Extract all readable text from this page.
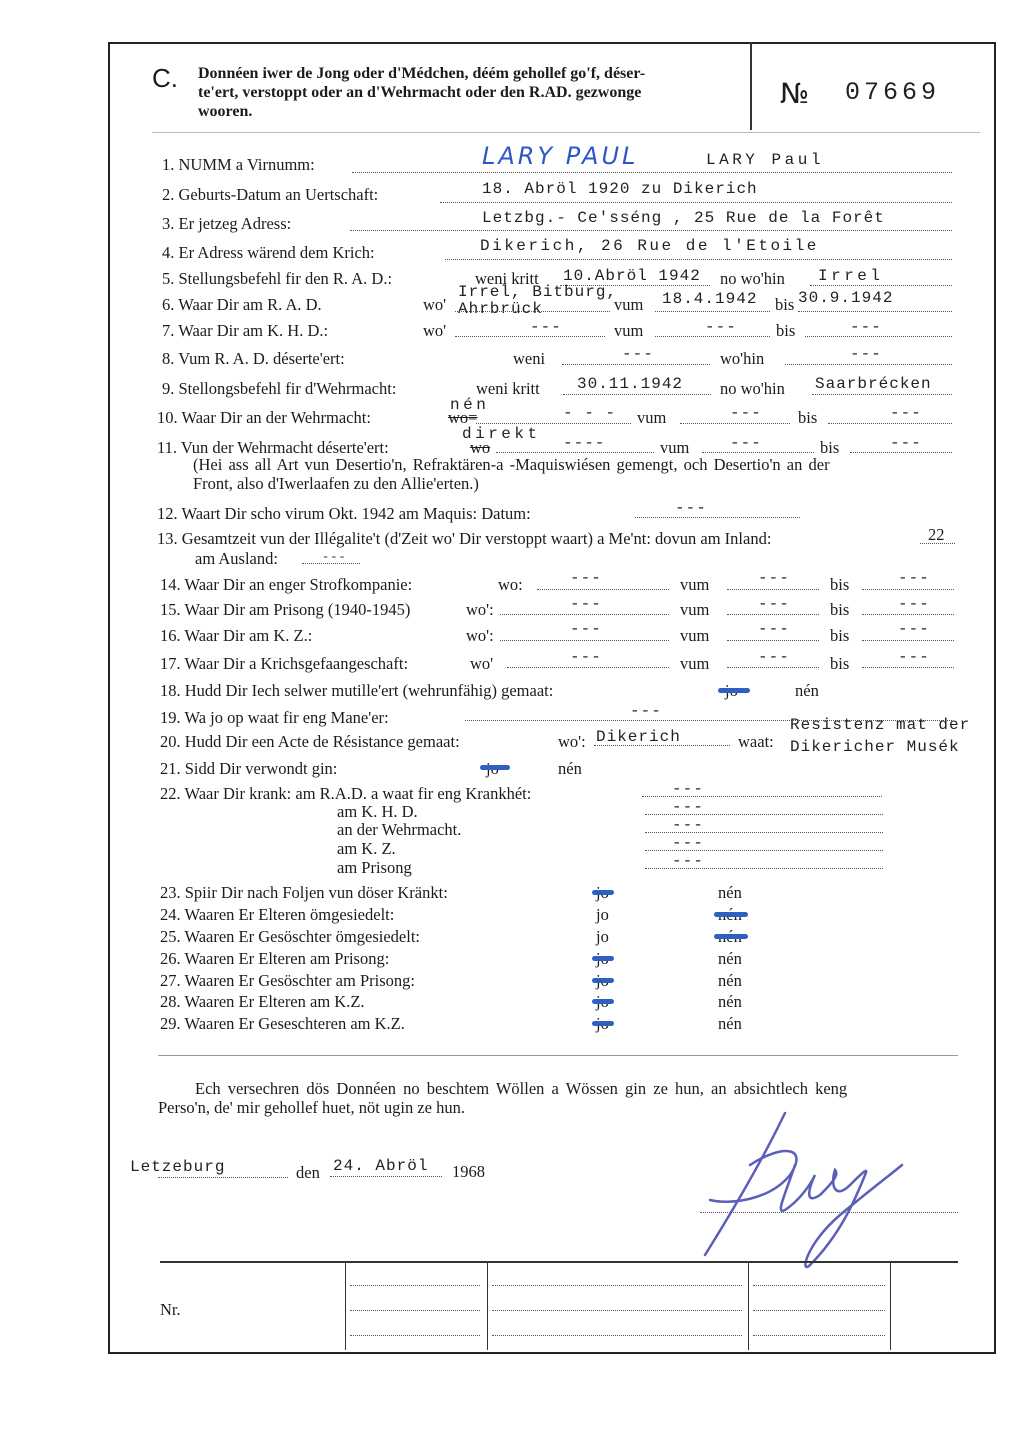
C. Donnéen iwer de Jong oder d'Médchen, déém gehollef go'f, déser-
te'ert, verstoppt oder an d'Wehrmacht oder den R.AD. gezwonge
wooren.
№ 07669
1. NUMM a Virnumm:	LARY PAUL	LARY Paul
2. Geburts-Datum an Uertschaft:	18. Abröl 1920 zu Dikerich
3. Er jetzeg Adress:	Letzbg.- Ce'sséng , 25 Rue de la Forêt
4. Er Adress wärend dem Krich:	Dikerich, 26 Rue de l'Etoile
5. Stellungsbefehl fir den R. A. D.:	weni kritt 10.Abröl 1942 no wo'hin Irrel
6. Waar Dir am R. A. D.	wo'
Irrel, Bitburg,
Ahrbrück	vum 18.4.1942 bis 30.9.1942
7. Waar Dir am K. H. D.:	wo'	---	vum	--- bis	---
8. Vum R. A. D. déserte'ert:	weni	---	wo'hin	---
9. Stellongsbefehl fir d'Wehrmacht:	weni kritt 30.11.1942 no wo'hin Saarbrécken
10. Waar Dir an der Wehrmacht:
nén
wo=	- - - vum	--- bis	---
11. Vun der Wehrmacht déserte'ert:
direkt
wo	----	vum	---	bis	---
(Hei ass all Art vun Desertio'n, Refraktären-a -Maquiswiésen gemengt, och Desertio'n an der
Front, also d'Iwerlaafen zu den Allie'erten.)
12. Waart Dir scho virum Okt. 1942 am Maquis: Datum:	---
13. Gesamtzeit vun der Illégalite't (d'Zeit wo' Dir verstoppt waart) a Me'nt: dovun am Inland:	22
am Ausland:	---
14. Waar Dir an enger Strofkompanie:	wo:	---	vum	--- bis	---
15. Waar Dir am Prisong (1940-1945)	wo':	---	vum	--- bis	---
16. Waar Dir am K. Z.:	wo':	---	vum	--- bis	---
17. Waar Dir a Krichsgefaangeschaft:	wo'	---	vum	--- bis	---
18. Hudd Dir Iech selwer mutille'ert (wehrunfähig) gemaat:	nén
19. Wa jo op waat fir eng Mane'er:	---
20. Hudd Dir een Acte de Résistance gemaat:	wo': Dikerich	waat:
Resistenz mat der
Dikericher Musék
21. Sidd Dir verwondt gin:	nén
22. Waar Dir krank: am R.A.D. a waat fir eng Krankhét:	---
am K. H. D.	---
an der Wehrmacht.	---
am K. Z.	---
am Prisong	---
23. Spiir Dir nach Foljen vun döser Kränkt:	nén
24. Waaren Er Elteren ömgesiedelt:	jo
25. Waaren Er Gesöschter ömgesiedelt:	jo
26. Waaren Er Elteren am Prisong:	nén
27. Waaren Er Gesöschter am Prisong:	nén
28. Waaren Er Elteren am K.Z.	nén
29. Waaren Er Geseschteren am K.Z.	nén
Ech versechren dös Donnéen no beschtem Wöllen a Wössen gin ze hun, an absichtlech keng
Perso'n, de' mir gehollef huet, nöt ugin ze hun.
Letzeburg	den 24. Abröl 1968
Nr.
